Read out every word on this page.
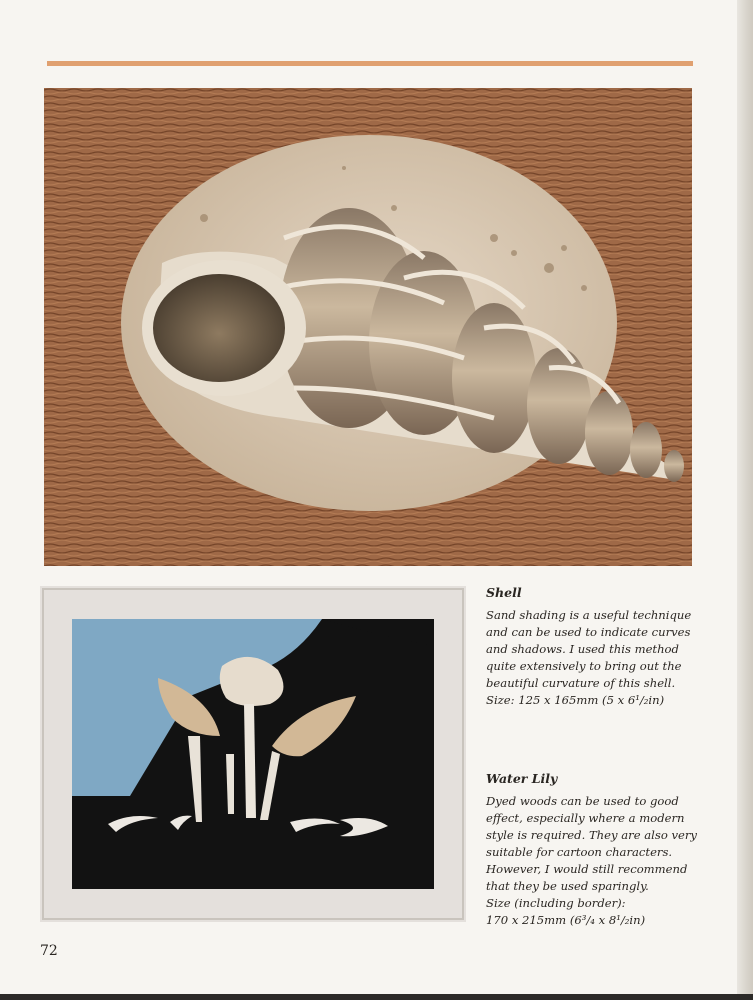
Shell

Sand shading is a useful technique and can be used to indicate curves and shadows. I used this method quite extensively to bring out the beautiful curvature of this shell.

Size: 125 x 165mm (5 x 6¹/₂in)

Water Lily

Dyed woods can be used to good effect, especially where a modern style is required. They are also very suitable for cartoon characters. However, I would still recommend that they be used sparingly.

Size (including border):

170 x 215mm (6³/₄ x 8¹/₂in)

72
